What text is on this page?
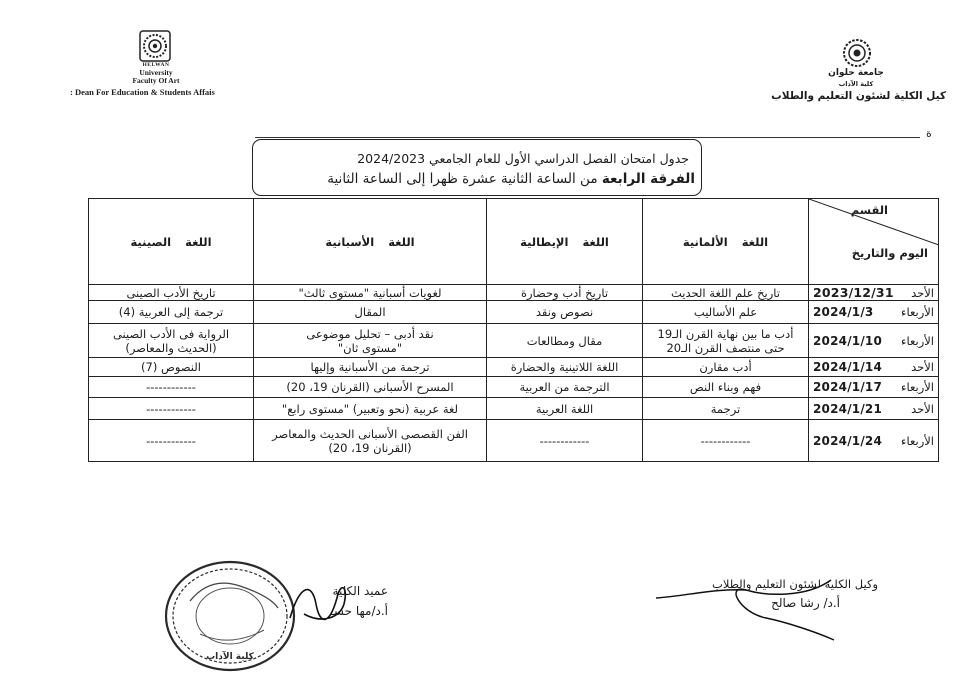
HELWAN
University
Faculty Of Art
: Dean For Education & Students Affais
جامعة حلوان
كلية الآداب
كيل الكلية لشئون التعليم والطلاب
ة
جدول امتحان الفصل الدراسي الأول للعام الجامعي 2024/2023
الفرقة الرابعة من الساعة الثانية عشرة ظهرا إلى الساعة الثانية
القسم
اليوم والتاريخ	اللغة الألمانية	اللغة الإيطالية	اللغة الأسبانية	اللغة الصينية

الأحد
2023/12/31	تاريخ علم اللغة الحديث	تاريخ أدب وحضارة	لغويات أسبانية "مستوى ثالث"	تاريخ الأدب الصينى

الأربعاء
2024/1/3	علم الأساليب	نصوص ونقد	المقال	ترجمة إلى العربية (4)

الأربعاء
2024/1/10	أدب ما بين نهاية القرن الـ19
حتى منتصف القرن الـ20	مقال ومطالعات	نقد أدبى – تحليل موضوعى
"مستوى ثان"	الرواية فى الأدب الصينى
(الحديث والمعاصر)

الأحد
2024/1/14	أدب مقارن	اللغة اللاتينية والحضارة	ترجمة من الأسبانية وإليها	النصوص (7)

الأربعاء
2024/1/17	فهم وبناء النص	الترجمة من العربية	المسرح الأسبانى (القرنان 19، 20)	------------

الأحد
2024/1/21	ترجمة	اللغة العربية	لغة عربية (نحو وتعبير) "مستوى رابع"	------------

الأربعاء
2024/1/24	------------	------------	الفن القصصى الأسبانى الحديث والمعاصر
(القرنان 19، 20)	------------
كلية الآداب
عميد الكلية
أ.د/مها حسـ
وكيل الكلية لشئون التعليم والطلاب
أ.د/ رشا صالح
